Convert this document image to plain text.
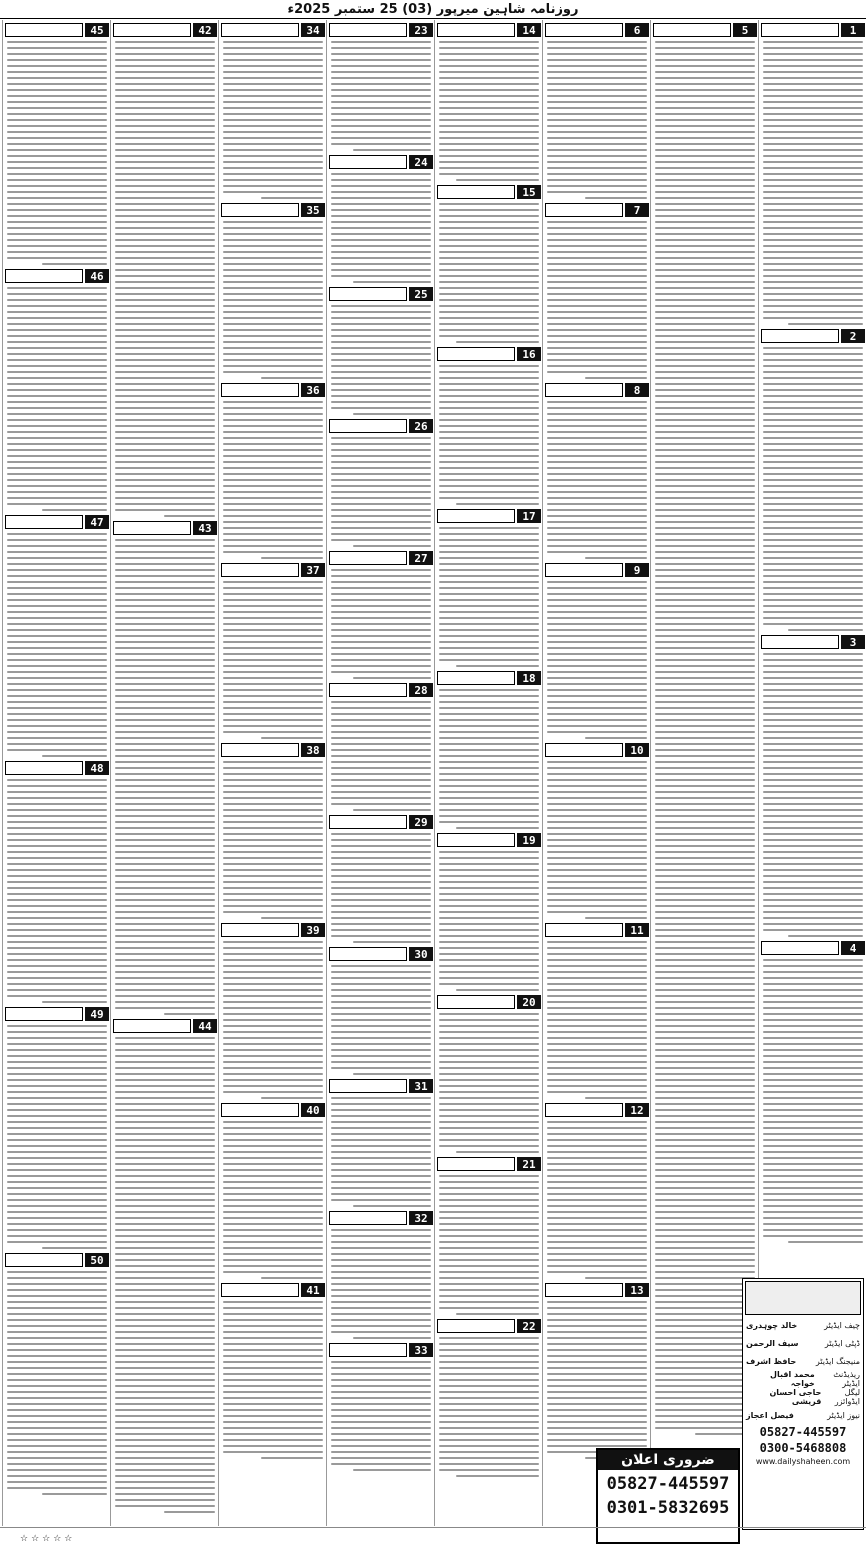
روزنامہ شاہین میرپور (03) 25 ستمبر 2025ء
1
2
3
4
5
6
7
8
9
10
11
12
13
14
15
16
17
18
19
20
21
22
23
24
25
26
27
28
29
30
31
32
33
34
35
36
37
38
39
40
41
42
43
44
45
46
47
48
49
50
ضروری اعلان
05827-445597
0301-5832695
چیف ایڈیٹر
خالد چوہدری
ڈپٹی ایڈیٹر
سیف الرحمن
منیجنگ ایڈیٹر
حافظ اشرف
ریذیڈنٹ ایڈیٹر
محمد اقبال خواجہ
لیگل ایڈوائزر
حاجی احسان قریشی
نیوز ایڈیٹر
فیصل اعجاز
05827-445597
0300-5468808
www.dailyshaheen.com
☆☆☆☆☆
